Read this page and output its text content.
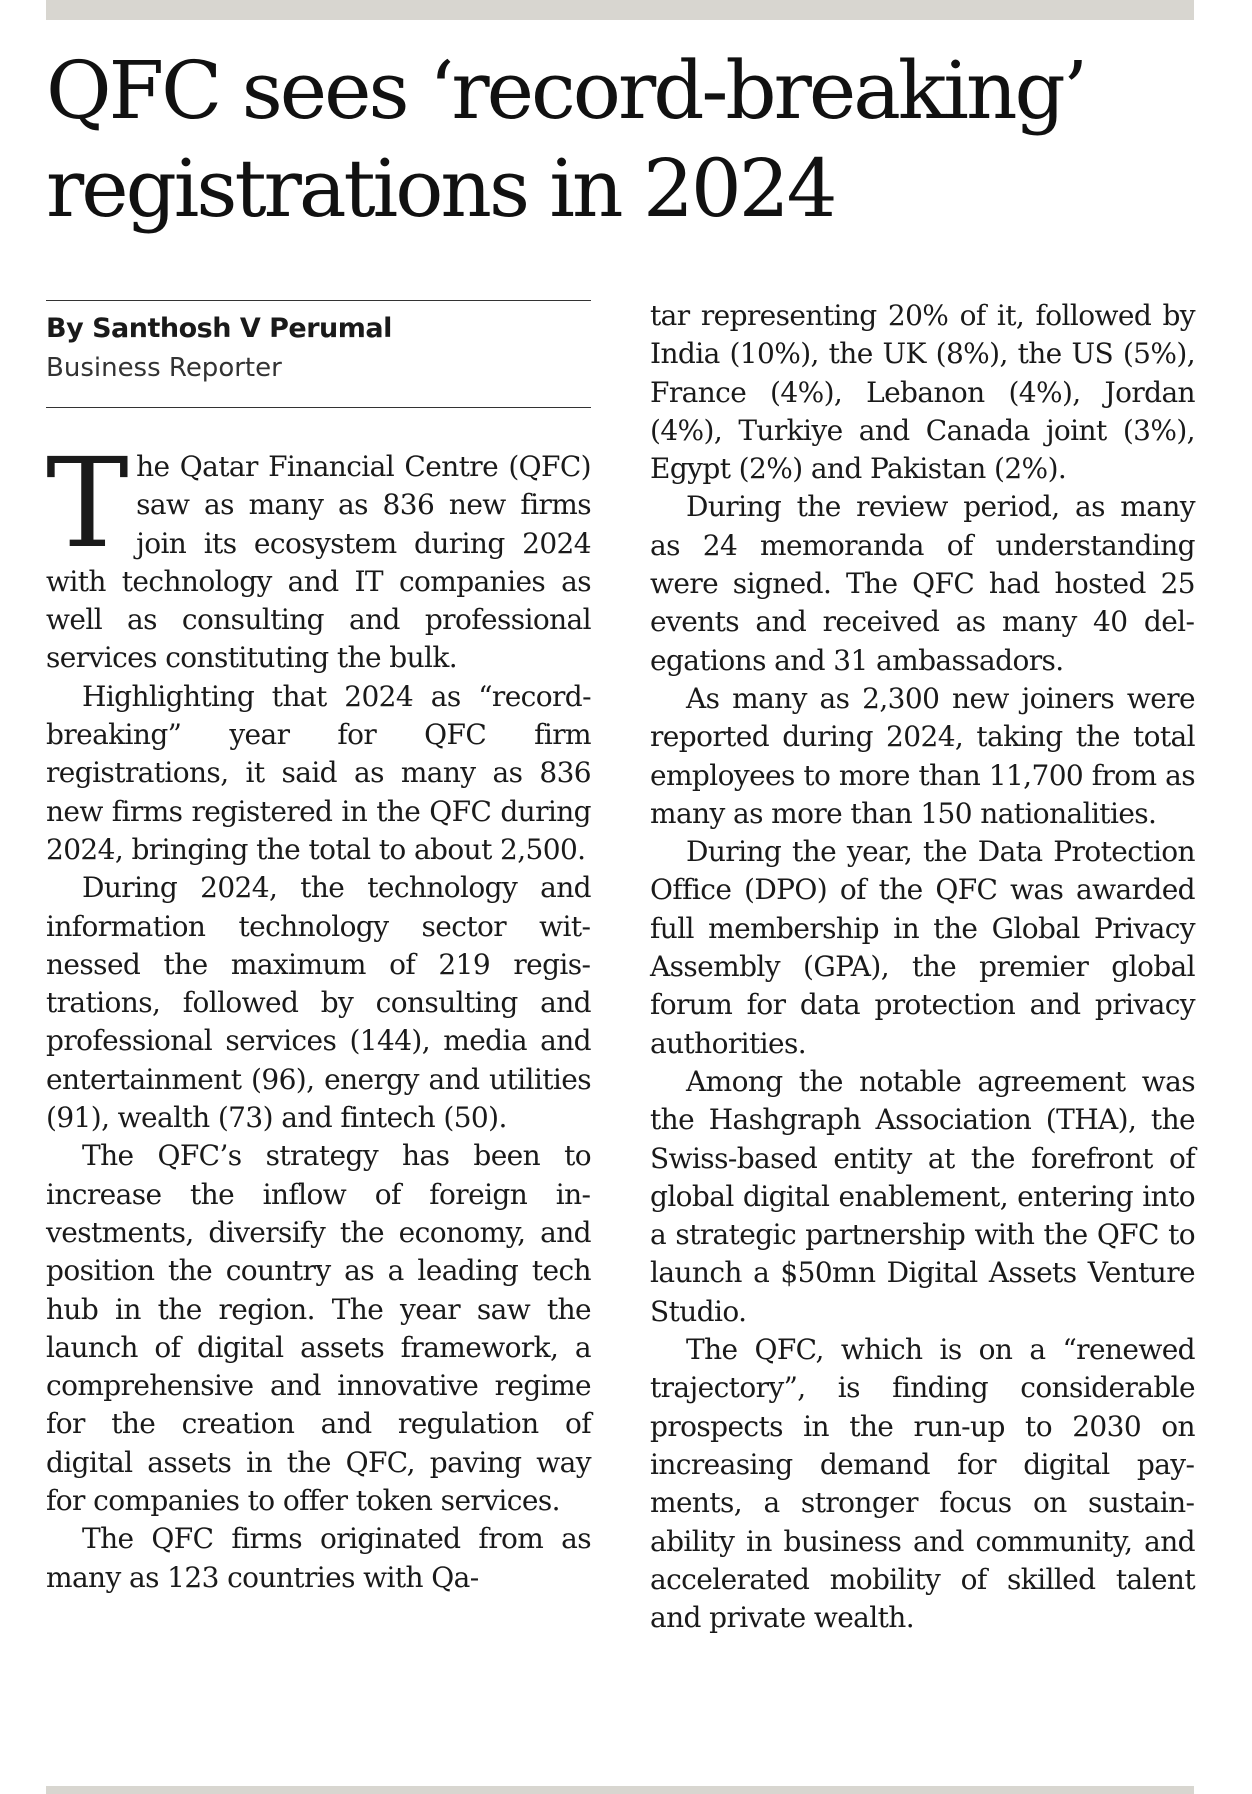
QFC sees ‘record-breaking’ registrations in 2024
By Santhosh V Perumal
Business Reporter

The Qatar Financial Centre (QFC) saw as many as 836 new firms join its ecosystem during 2024 with technology and IT companies as well as consulting and professional services constituting the bulk.

Highlighting that 2024 as “record-breaking” year for QFC firm registrations, it said as many as 836 new firms registered in the QFC during 2024, bringing the total to about 2,500.

During 2024, the technology and information technology sector witnessed the maximum of 219 registrations, followed by consulting and professional services (144), media and entertainment (96), energy and utilities (91), wealth (73) and fintech (50).

The QFC’s strategy has been to increase the inflow of foreign investments, diversify the economy, and position the country as a leading tech hub in the region. The year saw the launch of digital assets framework, a comprehensive and innovative regime for the creation and regulation of digital assets in the QFC, paving way for companies to offer token services.

The QFC firms originated from as many as 123 countries with Qa-

tar representing 20% of it, followed by India (10%), the UK (8%), the US (5%), France (4%), Lebanon (4%), Jordan (4%), Turkiye and Canada joint (3%), Egypt (2%) and Pakistan (2%).

During the review period, as many as 24 memoranda of understanding were signed. The QFC had hosted 25 events and received as many 40 delegations and 31 ambassadors.

As many as 2,300 new joiners were reported during 2024, taking the total employees to more than 11,700 from as many as more than 150 nationalities.

During the year, the Data Protection Office (DPO) of the QFC was awarded full membership in the Global Privacy Assembly (GPA), the premier global forum for data protection and privacy authorities.

Among the notable agreement was the Hashgraph Association (THA), the Swiss-based entity at the forefront of global digital enablement, entering into a strategic partnership with the QFC to launch a $50mn Digital Assets Venture Studio.

The QFC, which is on a “renewed trajectory”, is finding considerable prospects in the run-up to 2030 on increasing demand for digital payments, a stronger focus on sustainability in business and community, and accelerated mobility of skilled talent and private wealth.
